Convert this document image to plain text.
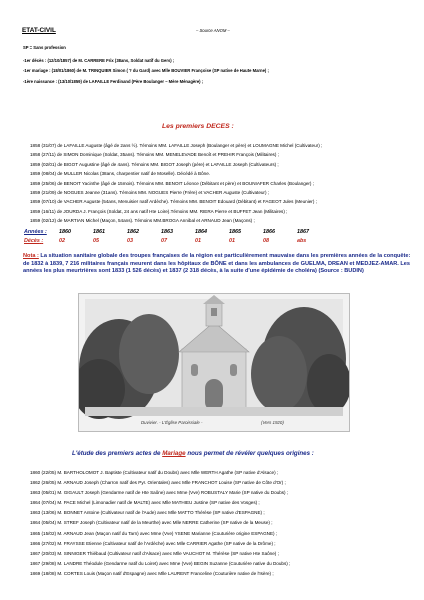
ETAT-CIVIL	– Source ANOM –
SP = Sans profession
-1er décès : (12/10/1857) de M. CARRERE Frix (38ans, Soldat natif du Gers) ;
-1er mariage : (18/01/1860) de M. TRINQUIER Simon ( ? du Gard) avec Mlle BOUVIER Françoise (SP native de Haute Marne) ;
-1ère naissance : (13/10/1859) de LAFAILLE Ferdinand (Père Boulanger – Mère Ménagère) ;
Les premiers DECES :
1858 (31/07) de LAFAILLE Auguste (âgé de 2ans ½). Témoins MM. LAFAILLE Joseph (Boulanger et père) et LOUMAGNE Michel (Cultivateur) ;
1858 (27/11) de SIMON Dominique (Soldat, 35ans). Témoins MM. MENELEVADE Benoît et PREHIR François (Militaires) ;
1859 (02/01) de BIGOT Augustine (âgé de 4ans). Témoins MM. BIGOT Joseph (père) et LAFAILLE Joseph (Cultivateurs) ;
1859 (08/04) de MULLER Nicolas (38ans, charpentier natif de Moselle). Décédé à Bône.
1859 (25/06) de BENOIT Yacinthe (âgé de 15mois). Témoins MM. BENOIT Léonce (Débitant et père) et BOUNIAFER Charles (Boulanger) ;
1859 (21/09) de NOGUES Jeanne (31ans). Témoins MM. NOGUES Pierre (Frère) et VACHER Auguste (Cultivateur) ;
1859 (07/10) de VACHER Auguste (54ans, Menuisier natif Ardèche). Témoins MM. BENOIT Edouard (Débitant) et FAGEOT Jules (Meunier) ;
1859 (16/11) de JOURDA J. François (Soldat, 24 ans natif Hte Loire).Témoins MM. RIERA Pierre et BUFFET Jean (Militaires) ;
1859 (02/12) de MARTIAN Michel (Maçon, 54ans). Témoins MM.BROGA Annibal et ARNAUD Jean (Maçons) ;
Années :	1860	1861	1862	1863	1864	1865	1866	1867
Décès :	02	05	03	07	01	01	08	abs
Nota : La situation sanitaire globale des troupes françaises de la région est particulièrement mauvaise dans les premières années de la conquête: de 1832 à 1839, 7 216 militaires français meurent dans les hôpitaux de BÔNE et dans les ambulances de GUELMA, DREAN et MEDJEZ-AMAR. Les années les plus meurtrières sont 1833 (1 526 décès) et 1837 (2 318 décès, à la suite d'une épidémie de choléra) (Source : BUDIN)
Duvivier. - L'Église Paroissiale -	(Vers 1920)
L'étude des premiers actes de Mariage nous permet de révéler quelques origines :
1860 (22/05) M. BARTHOLOMOT J. Baptiste (Cultivateur natif du Doubs) avec Mlle WERTH Agathe (SP native d'Alsace) ;
1862 (26/05) M. ARNAUD Joseph (Charron natif des Pyr. Orientales) avec Mlle FRANCHOT Louise (SP native de Côte d'Or) ;
1863 (05/01) M. GIGAULT Joseph (Gendarme natif de Hte Saône) avec Mme (Vve) ROBUSTALY Marie (SP native du Doubs) ;
1864 (07/04) M. PACE Michel (Limonadier natif de MALTE) avec Mlle MATHIEU Justine (SP native des Vosges) ;
1863 (13/06) M. BONNET Antoine (Cultivateur natif de l'Aude) avec Mlle MATTO Thérèse (SP native d'ESPAGNE) ;
1864 (05/04) M. STREF Joseph (Cultivateur natif de la Meurthe) avec Mlle NERRE Catherine (SP native de la Meuse) ;
1865 (15/02) M. ARNAUD Jean (Maçon natif du Tarn) avec Mme (Vve) YSENE Marianne (Couturière origine ESPAGNE) ;
1866 (27/02) M. FRAYSSE Etienne (Cultivateur natif de l'Ardèche) avec Mlle CARRIER Agathe (SP native de la Drôme) ;
1867 (20/03) M. SINNIGER Thiébaud (Cultivateur natif d'Alsace) avec Mlle VAUCHOT M. Thérèse (SP native Hte Saône) ;
1867 (29/08) M. LANDRE Théodule (Gendarme natif du Loiret) avec Mme (Vve) BEGIN Suzanne (Couturière native du Doubs) ;
1869 (18/08) M. CORTES Louis (Maçon natif d'Espagne) avec Mlle LAURENT Franceline (Couturière native de l'Isère) ;
